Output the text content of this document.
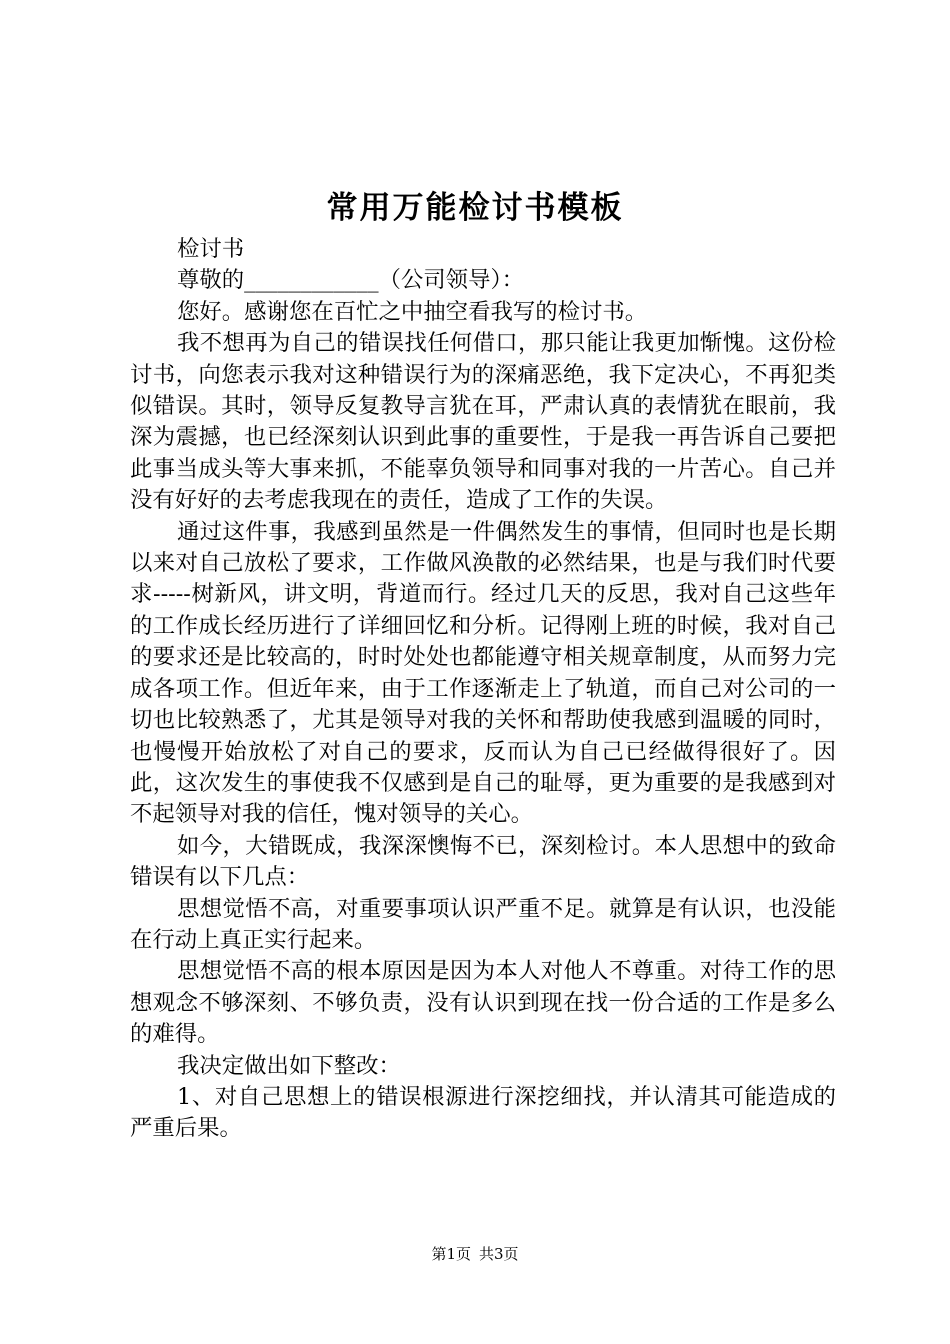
常用万能检讨书模板

检讨书

尊敬的____________（公司领导）：

您好。感谢您在百忙之中抽空看我写的检讨书。

我不想再为自己的错误找任何借口，那只能让我更加惭愧。这份检讨书，向您表示我对这种错误行为的深痛恶绝，我下定决心，不再犯类似错误。其时，领导反复教导言犹在耳，严肃认真的表情犹在眼前，我深为震撼，也已经深刻认识到此事的重要性，于是我一再告诉自己要把此事当成头等大事来抓，不能辜负领导和同事对我的一片苦心。自己并没有好好的去考虑我现在的责任，造成了工作的失误。

通过这件事，我感到虽然是一件偶然发生的事情，但同时也是长期以来对自己放松了要求，工作做风涣散的必然结果，也是与我们时代要求-----树新风，讲文明，背道而行。经过几天的反思，我对自己这些年的工作成长经历进行了详细回忆和分析。记得刚上班的时候，我对自己的要求还是比较高的，时时处处也都能遵守相关规章制度，从而努力完成各项工作。但近年来，由于工作逐渐走上了轨道，而自己对公司的一切也比较熟悉了，尤其是领导对我的关怀和帮助使我感到温暖的同时，也慢慢开始放松了对自己的要求，反而认为自己已经做得很好了。因此，这次发生的事使我不仅感到是自己的耻辱，更为重要的是我感到对不起领导对我的信任，愧对领导的关心。

如今，大错既成，我深深懊悔不已，深刻检讨。本人思想中的致命错误有以下几点：

思想觉悟不高，对重要事项认识严重不足。就算是有认识，也没能在行动上真正实行起来。

思想觉悟不高的根本原因是因为本人对他人不尊重。对待工作的思想观念不够深刻、不够负责，没有认识到现在找一份合适的工作是多么的难得。

我决定做出如下整改：

1、对自己思想上的错误根源进行深挖细找，并认清其可能造成的严重后果。

第1页 共3页
